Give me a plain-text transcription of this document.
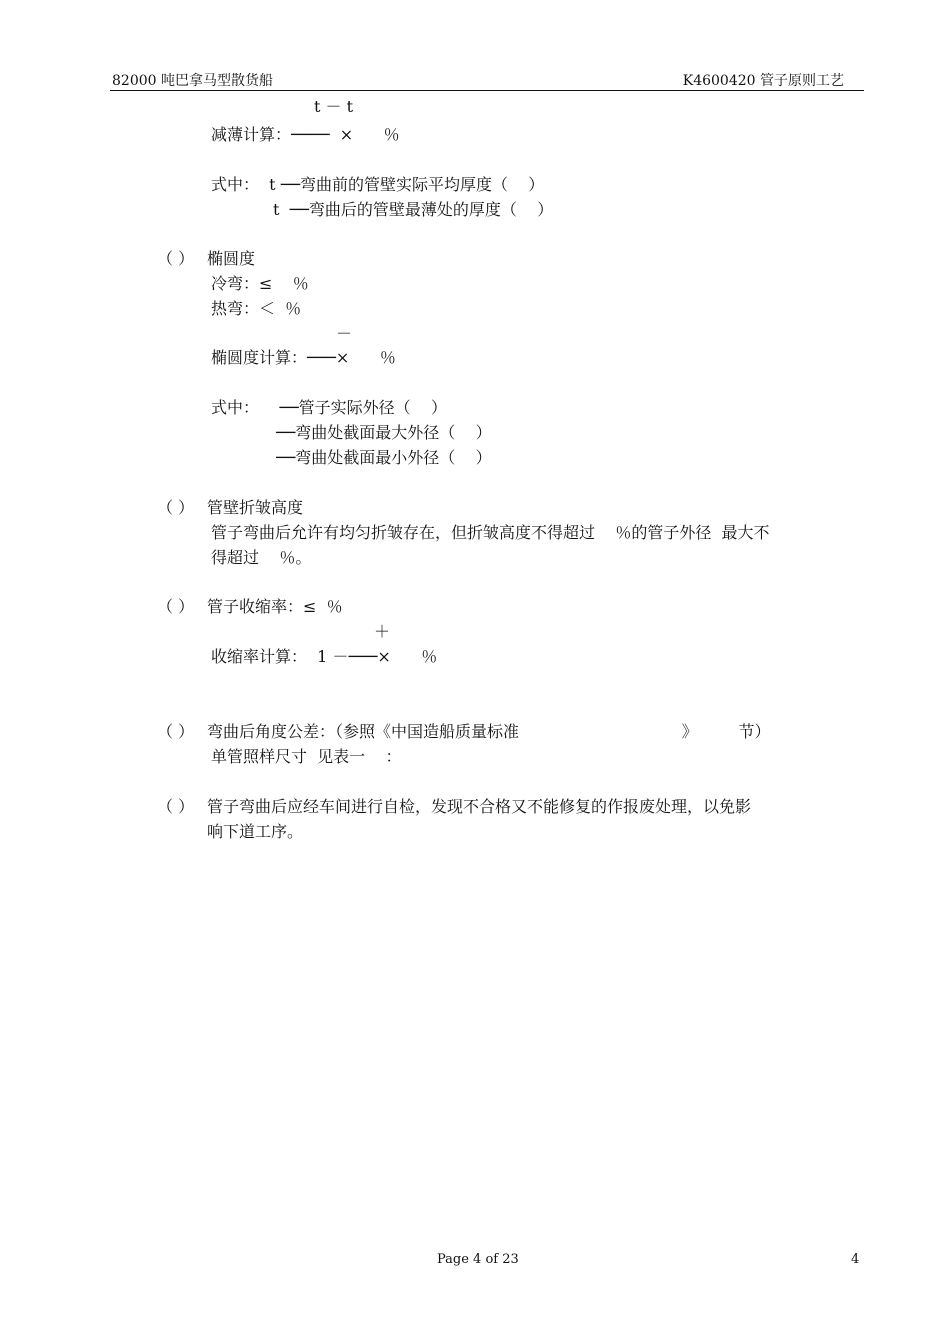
82000 吨巴拿马型散货船	K4600420 管子原则工艺
t － t
减薄计算：────  ×      ％
式中：  t ──弯曲前的管壁实际平均厚度（    ）
t  ──弯曲后的管壁最薄处的厚度（    ）
（ ） 椭圆度
冷弯：≤    ％
热弯：＜  ％
－
椭圆度计算：───×      ％
式中：    ──管子实际外径（    ）
──弯曲处截面最大外径（    ）
──弯曲处截面最小外径（    ）
（ ） 管壁折皱高度
管子弯曲后允许有均匀折皱存在，但折皱高度不得超过    ％的管子外径  最大不
得超过    ％。
（ ） 管子收缩率：≤  ％
＋
收缩率计算：  1 －───×      ％
（ ） 弯曲后角度公差：（参照《中国造船质量标准                                》        节）
单管照样尺寸  见表一    ：
（ ） 管子弯曲后应经车间进行自检，发现不合格又不能修复的作报废处理，以免影
响下道工序。
Page 4 of 23	4
